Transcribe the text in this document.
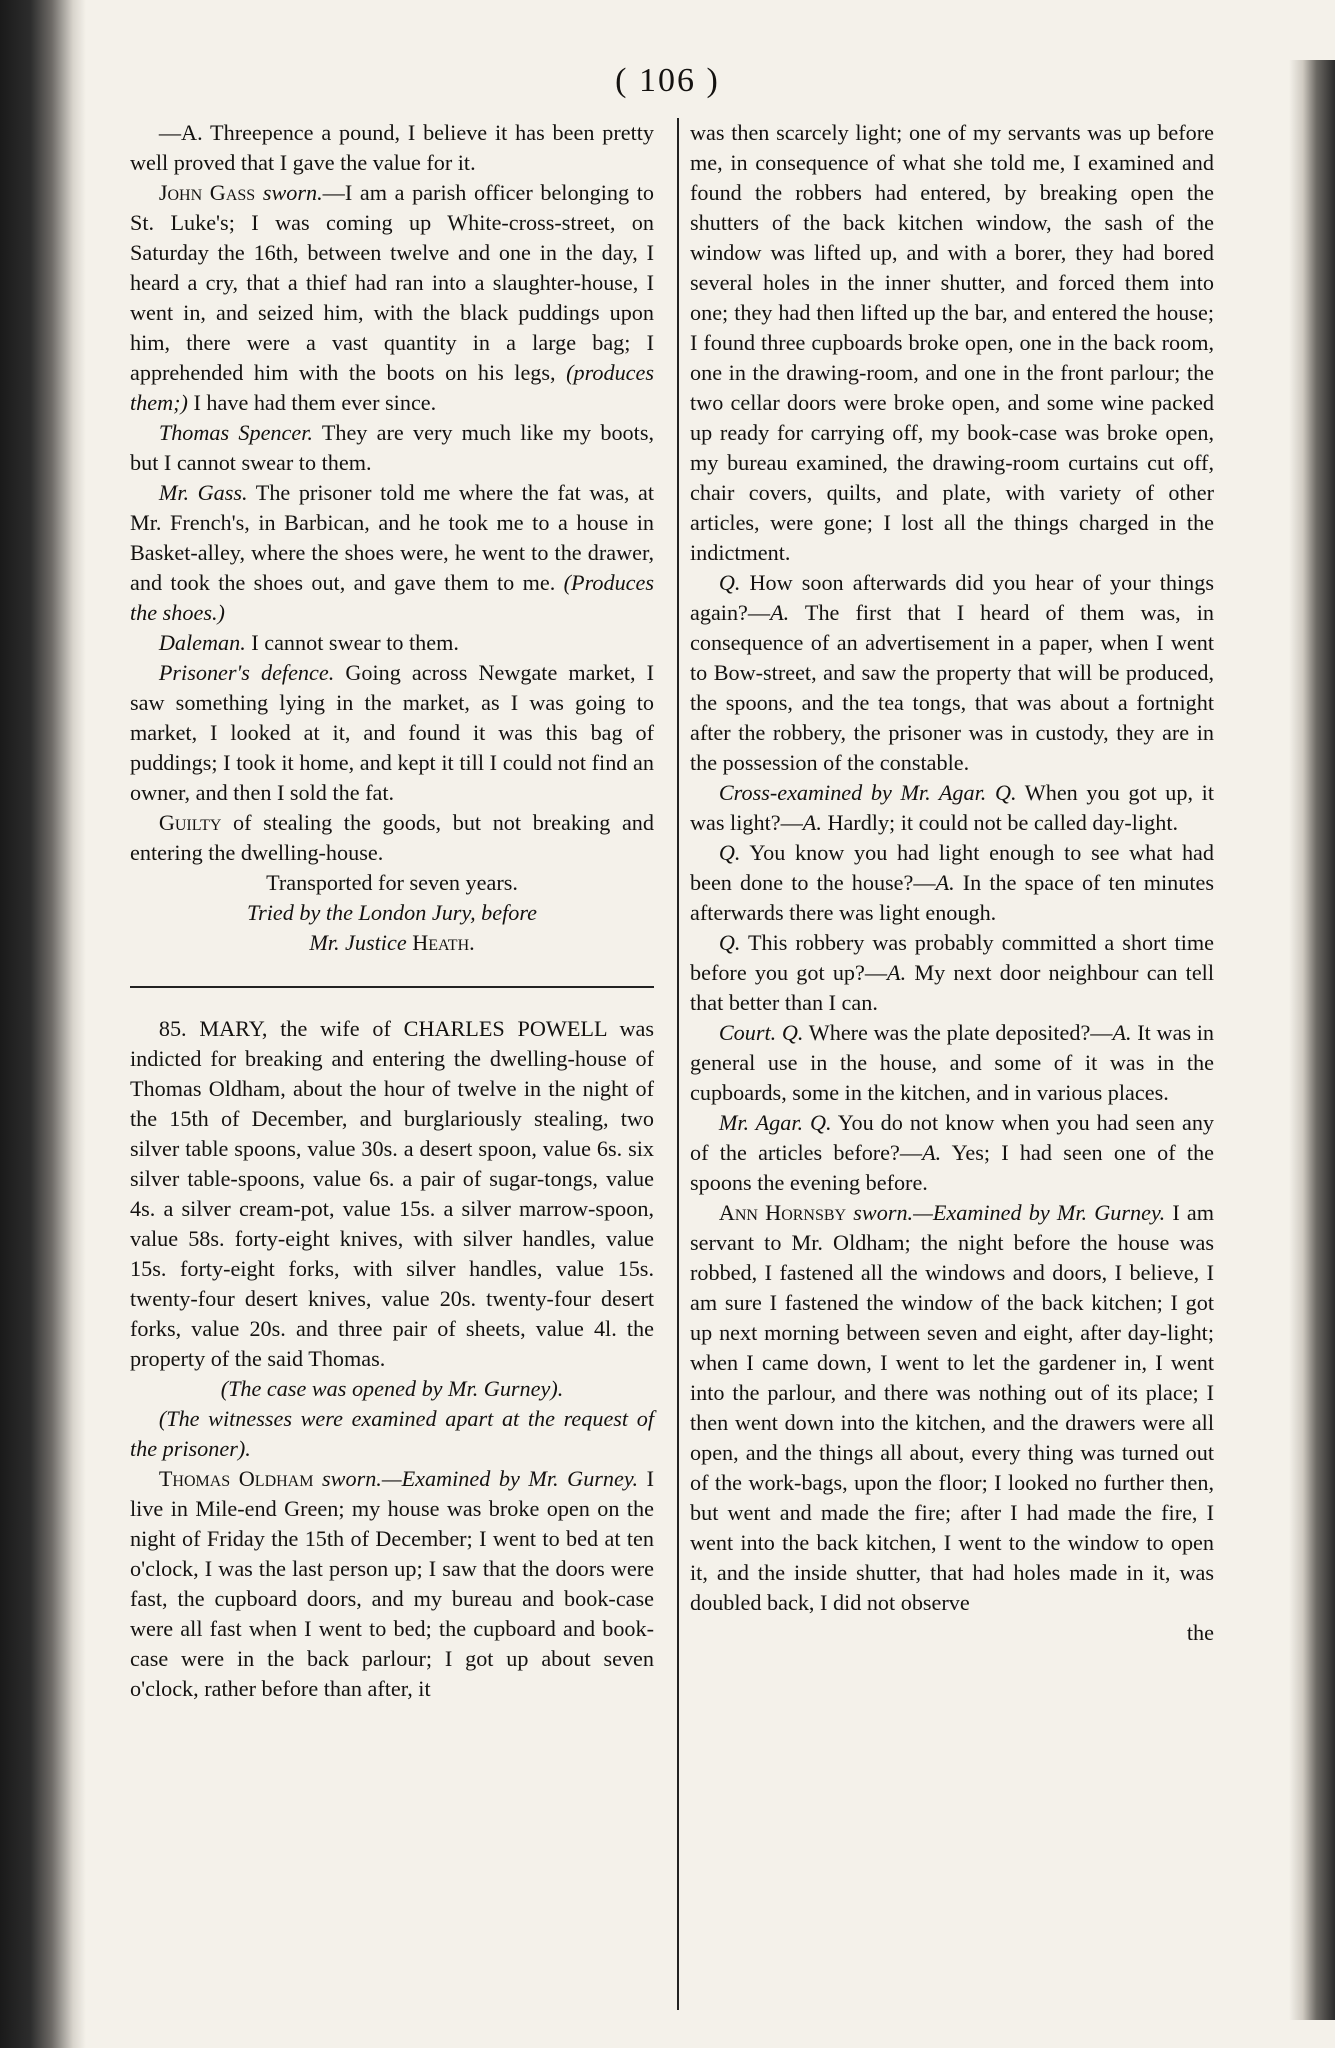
( 106 )

—A. Threepence a pound, I believe it has been pretty well proved that I gave the value for it.

John Gass sworn.—I am a parish officer belonging to St. Luke's; I was coming up White-cross-street, on Saturday the 16th, between twelve and one in the day, I heard a cry, that a thief had ran into a slaughter-house, I went in, and seized him, with the black puddings upon him, there were a vast quantity in a large bag; I apprehended him with the boots on his legs, (produces them;) I have had them ever since.

Thomas Spencer. They are very much like my boots, but I cannot swear to them.

Mr. Gass. The prisoner told me where the fat was, at Mr. French's, in Barbican, and he took me to a house in Basket-alley, where the shoes were, he went to the drawer, and took the shoes out, and gave them to me. (Produces the shoes.)

Daleman. I cannot swear to them.

Prisoner's defence. Going across Newgate market, I saw something lying in the market, as I was going to market, I looked at it, and found it was this bag of puddings; I took it home, and kept it till I could not find an owner, and then I sold the fat.

Guilty of stealing the goods, but not breaking and entering the dwelling-house.

Transported for seven years.

Tried by the London Jury, before

Mr. Justice Heath.

85. MARY, the wife of CHARLES POWELL was indicted for breaking and entering the dwelling-house of Thomas Oldham, about the hour of twelve in the night of the 15th of December, and burglariously stealing, two silver table spoons, value 30s. a desert spoon, value 6s. six silver table-spoons, value 6s. a pair of sugar-tongs, value 4s. a silver cream-pot, value 15s. a silver marrow-spoon, value 58s. forty-eight knives, with silver handles, value 15s. forty-eight forks, with silver handles, value 15s. twenty-four desert knives, value 20s. twenty-four desert forks, value 20s. and three pair of sheets, value 4l. the property of the said Thomas.

(The case was opened by Mr. Gurney).

(The witnesses were examined apart at the request of the prisoner).

Thomas Oldham sworn.—Examined by Mr. Gurney. I live in Mile-end Green; my house was broke open on the night of Friday the 15th of December; I went to bed at ten o'clock, I was the last person up; I saw that the doors were fast, the cupboard doors, and my bureau and book-case were all fast when I went to bed; the cupboard and book-case were in the back parlour; I got up about seven o'clock, rather before than after, it

was then scarcely light; one of my servants was up before me, in consequence of what she told me, I examined and found the robbers had entered, by breaking open the shutters of the back kitchen window, the sash of the window was lifted up, and with a borer, they had bored several holes in the inner shutter, and forced them into one; they had then lifted up the bar, and entered the house; I found three cupboards broke open, one in the back room, one in the drawing-room, and one in the front parlour; the two cellar doors were broke open, and some wine packed up ready for carrying off, my book-case was broke open, my bureau examined, the drawing-room curtains cut off, chair covers, quilts, and plate, with variety of other articles, were gone; I lost all the things charged in the indictment.

Q. How soon afterwards did you hear of your things again?—A. The first that I heard of them was, in consequence of an advertisement in a paper, when I went to Bow-street, and saw the property that will be produced, the spoons, and the tea tongs, that was about a fortnight after the robbery, the prisoner was in custody, they are in the possession of the constable.

Cross-examined by Mr. Agar. Q. When you got up, it was light?—A. Hardly; it could not be called day-light.

Q. You know you had light enough to see what had been done to the house?—A. In the space of ten minutes afterwards there was light enough.

Q. This robbery was probably committed a short time before you got up?—A. My next door neighbour can tell that better than I can.

Court. Q. Where was the plate deposited?—A. It was in general use in the house, and some of it was in the cupboards, some in the kitchen, and in various places.

Mr. Agar. Q. You do not know when you had seen any of the articles before?—A. Yes; I had seen one of the spoons the evening before.

Ann Hornsby sworn.—Examined by Mr. Gurney. I am servant to Mr. Oldham; the night before the house was robbed, I fastened all the windows and doors, I believe, I am sure I fastened the window of the back kitchen; I got up next morning between seven and eight, after day-light; when I came down, I went to let the gardener in, I went into the parlour, and there was nothing out of its place; I then went down into the kitchen, and the drawers were all open, and the things all about, every thing was turned out of the work-bags, upon the floor; I looked no further then, but went and made the fire; after I had made the fire, I went into the back kitchen, I went to the window to open it, and the inside shutter, that had holes made in it, was doubled back, I did not observe

the
